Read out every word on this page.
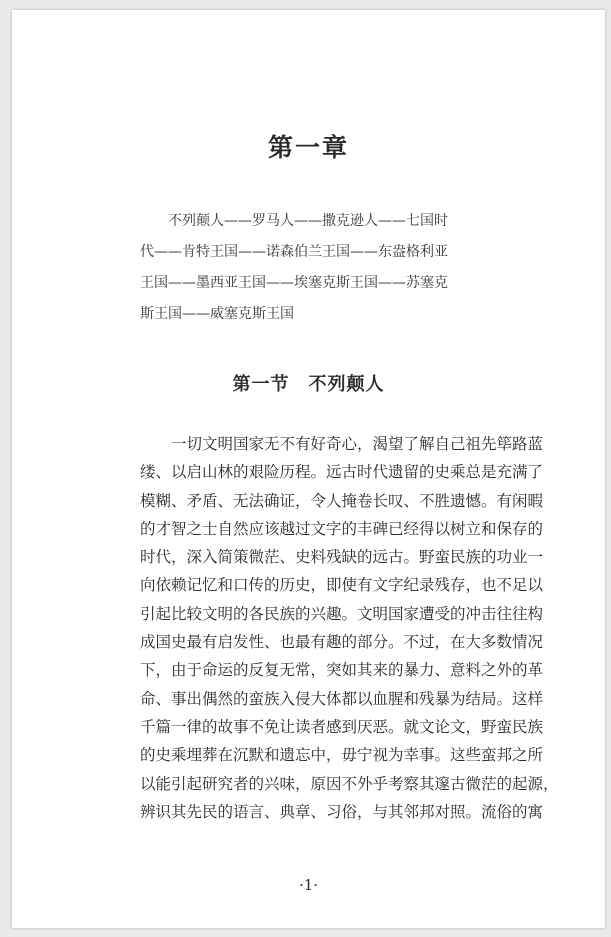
第一章
　　不列颠人——罗马人——撒克逊人——七国时
代——肯特王国——诺森伯兰王国——东盎格利亚
王国——墨西亚王国——埃塞克斯王国——苏塞克
斯王国——威塞克斯王国
第一节　不列颠人
　　一切文明国家无不有好奇心，渴望了解自己祖先筚路蓝
缕、以启山林的艰险历程。远古时代遗留的史乘总是充满了
模糊、矛盾、无法确证，令人掩卷长叹、不胜遗憾。有闲暇
的才智之士自然应该越过文字的丰碑已经得以树立和保存的
时代，深入简策微茫、史料残缺的远古。野蛮民族的功业一
向依赖记忆和口传的历史，即使有文字纪录残存，也不足以
引起比较文明的各民族的兴趣。文明国家遭受的冲击往往构
成国史最有启发性、也最有趣的部分。不过，在大多数情况
下，由于命运的反复无常，突如其来的暴力、意料之外的革
命、事出偶然的蛮族入侵大体都以血腥和残暴为结局。这样
千篇一律的故事不免让读者感到厌恶。就文论文，野蛮民族
的史乘埋葬在沉默和遗忘中，毋宁视为幸事。这些蛮邦之所
以能引起研究者的兴味，原因不外乎考察其邃古微茫的起源，
辨识其先民的语言、典章、习俗，与其邻邦对照。流俗的寓
·1·
